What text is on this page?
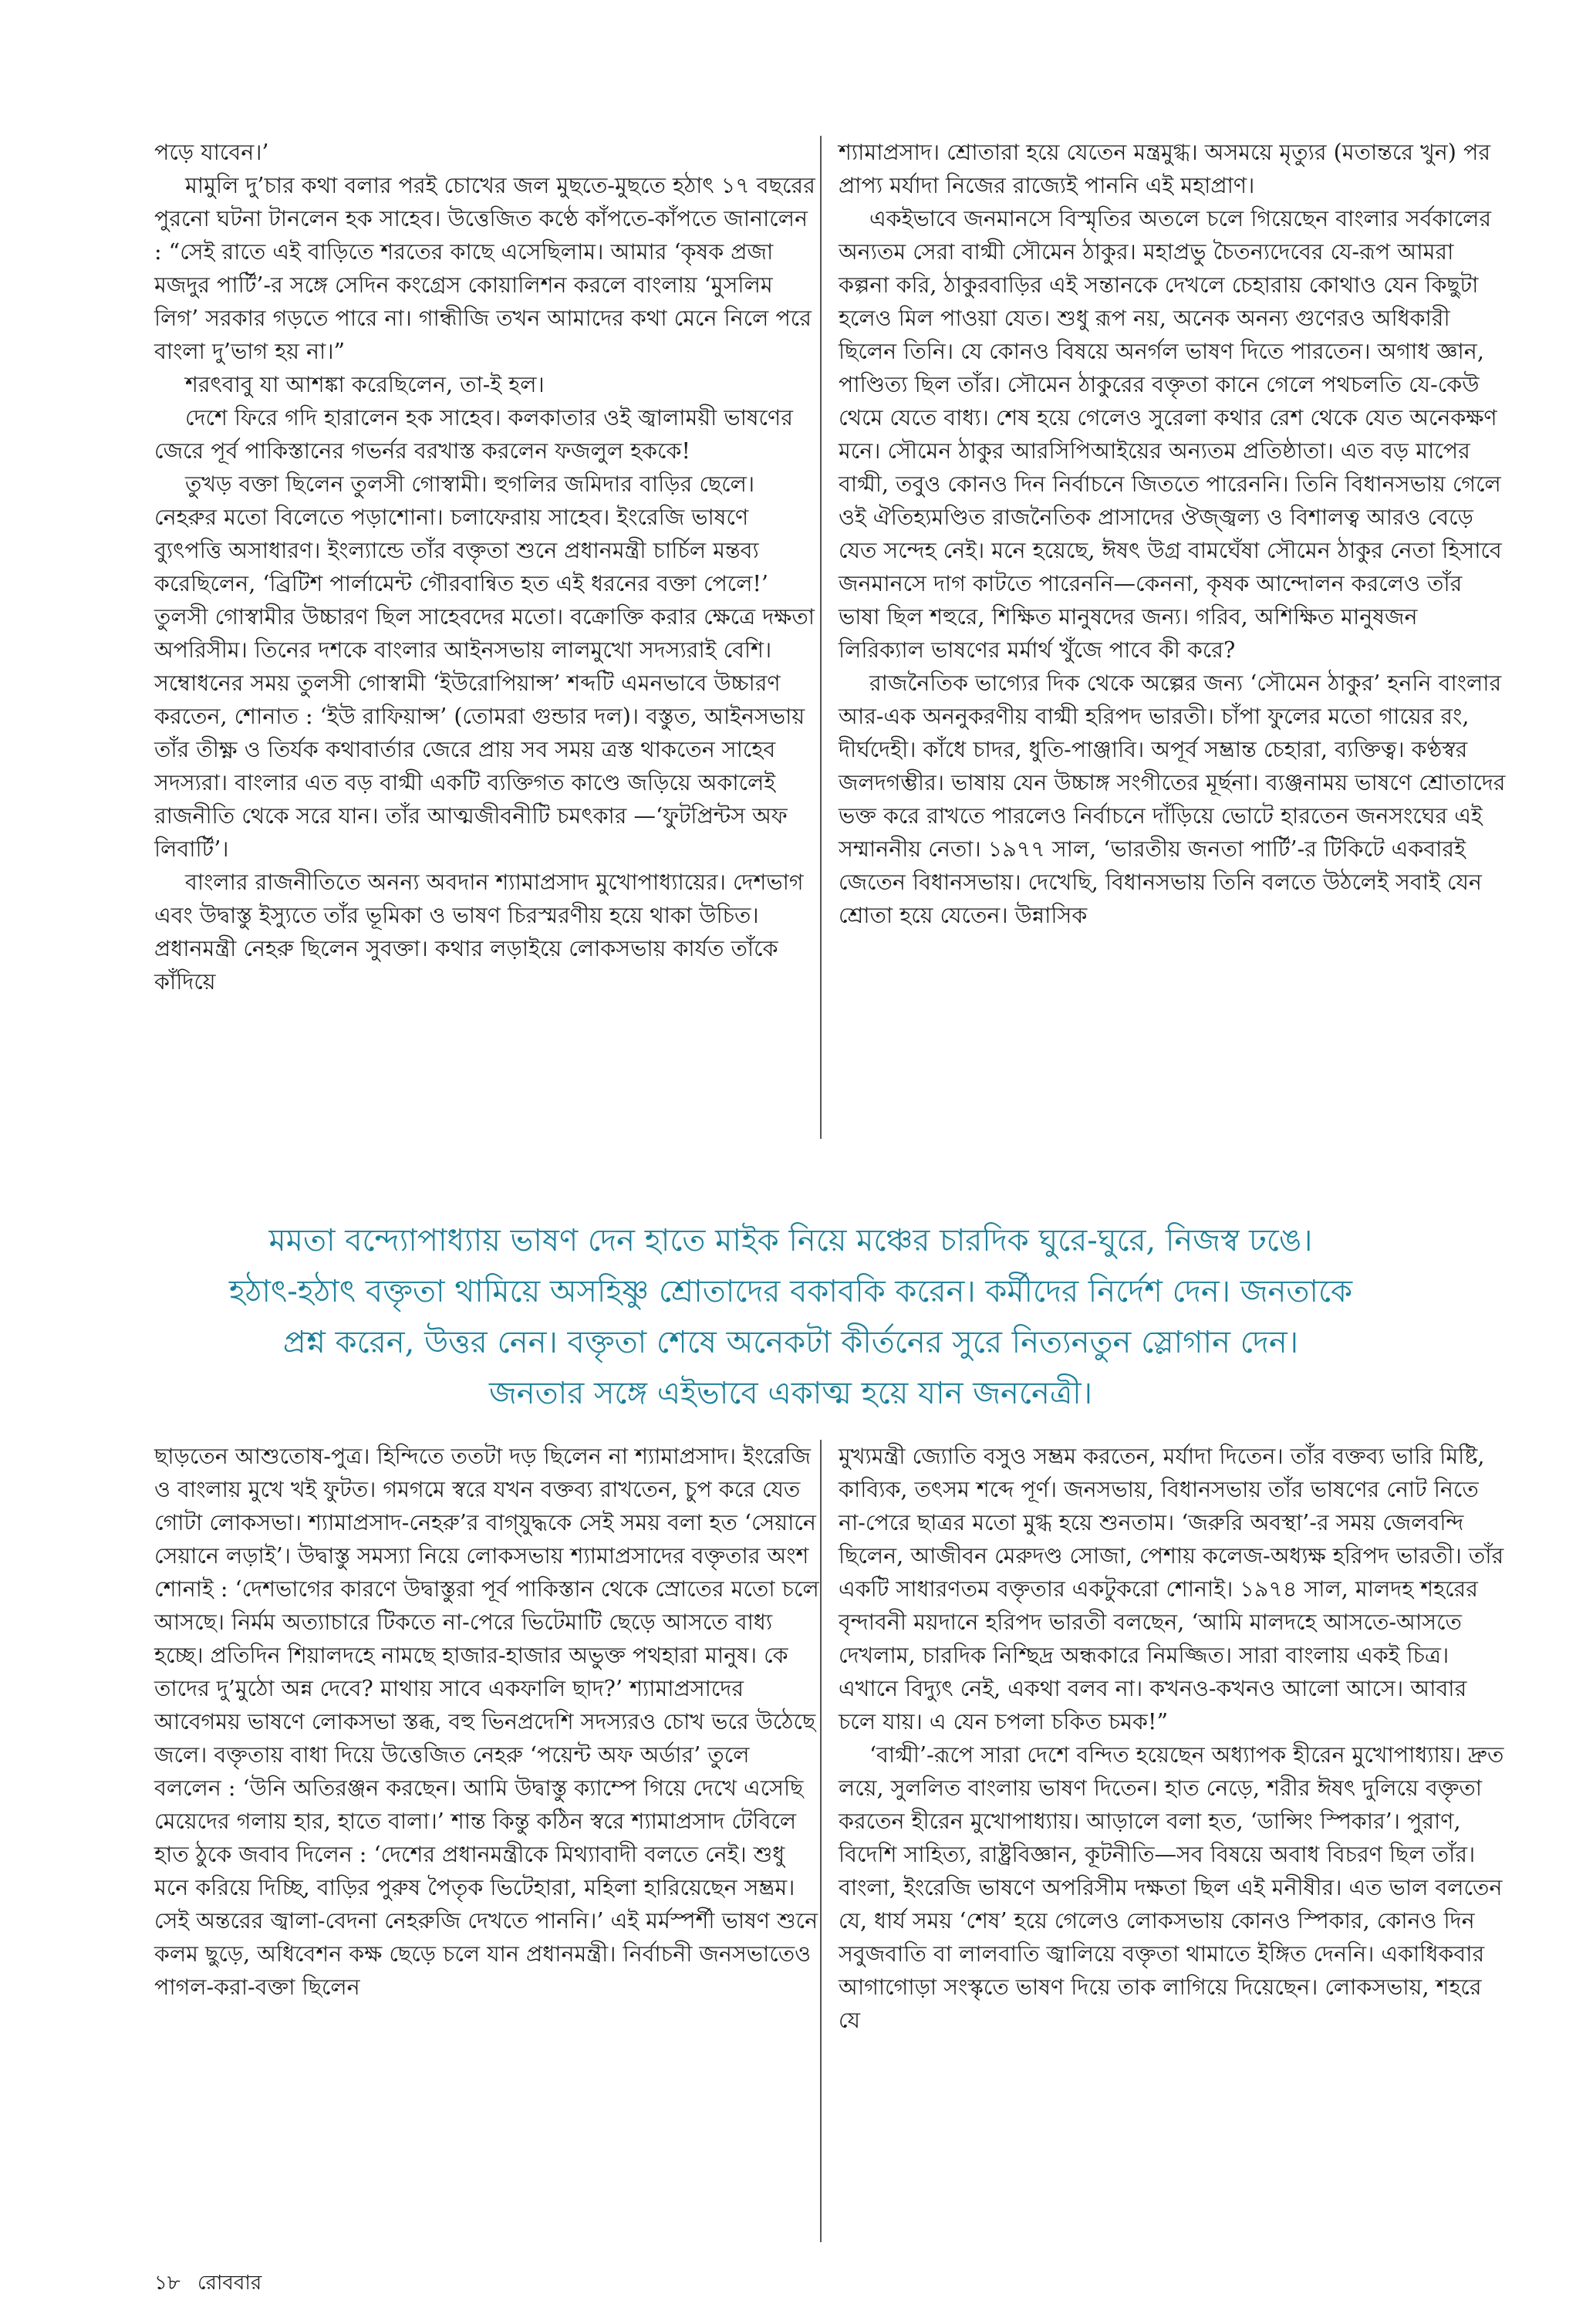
পড়ে যাবেন।’

মামুলি দু’চার কথা বলার পরই চোখের জল মুছতে-মুছতে হঠাৎ ১৭ বছরের পুরনো ঘটনা টানলেন হক সাহেব। উত্তেজিত কণ্ঠে কাঁপতে-কাঁপতে জানালেন : “সেই রাতে এই বাড়িতে শরতের কাছে এসেছিলাম। আমার ‘কৃষক প্রজা মজদুর পার্টি’-র সঙ্গে সেদিন কংগ্রেস কোয়ালিশন করলে বাংলায় ‘মুসলিম লিগ’ সরকার গড়তে পারে না। গান্ধীজি তখন আমাদের কথা মেনে নিলে পরে বাংলা দু’ভাগ হয় না।”

শরৎবাবু যা আশঙ্কা করেছিলেন, তা-ই হল।

দেশে ফিরে গদি হারালেন হক সাহেব। কলকাতার ওই জ্বালাময়ী ভাষণের জেরে পূর্ব পাকিস্তানের গভর্নর বরখাস্ত করলেন ফজলুল হককে!

তুখড় বক্তা ছিলেন তুলসী গোস্বামী। হুগলির জমিদার বাড়ির ছেলে। নেহরুর মতো বিলেতে পড়াশোনা। চলাফেরায় সাহেব। ইংরেজি ভাষণে ব্যুৎপত্তি অসাধারণ। ইংল্যান্ডে তাঁর বক্তৃতা শুনে প্রধানমন্ত্রী চার্চিল মন্তব্য করেছিলেন, ‘ব্রিটিশ পার্লামেন্ট গৌরবান্বিত হত এই ধরনের বক্তা পেলে!’ তুলসী গোস্বামীর উচ্চারণ ছিল সাহেবদের মতো। বক্রোক্তি করার ক্ষেত্রে দক্ষতা অপরিসীম। তিনের দশকে বাংলার আইনসভায় লালমুখো সদস্যরাই বেশি। সম্বোধনের সময় তুলসী গোস্বামী ‘ইউরোপিয়ান্স’ শব্দটি এমনভাবে উচ্চারণ করতেন, শোনাত : ‘ইউ রাফিয়ান্স’ (তোমরা গুন্ডার দল)। বস্তুত, আইনসভায় তাঁর তীক্ষ্ণ ও তির্যক কথাবার্তার জেরে প্রায় সব সময় ত্রস্ত থাকতেন সাহেব সদস্যরা। বাংলার এত বড় বাগ্মী একটি ব্যক্তিগত কাণ্ডে জড়িয়ে অকালেই রাজনীতি থেকে সরে যান। তাঁর আত্মজীবনীটি চমৎকার —‘ফুটপ্রিন্টস অফ লিবার্টি’।

বাংলার রাজনীতিতে অনন্য অবদান শ্যামাপ্রসাদ মুখোপাধ্যায়ের। দেশভাগ এবং উদ্বাস্তু ইস্যুতে তাঁর ভূমিকা ও ভাষণ চিরস্মরণীয় হয়ে থাকা উচিত। প্রধানমন্ত্রী নেহরু ছিলেন সুবক্তা। কথার লড়াইয়ে লোকসভায় কার্যত তাঁকে কাঁদিয়ে

শ্যামাপ্রসাদ। শ্রোতারা হয়ে যেতেন মন্ত্রমুগ্ধ। অসময়ে মৃত্যুর (মতান্তরে খুন) পর প্রাপ্য মর্যাদা নিজের রাজ্যেই পাননি এই মহাপ্রাণ।

একইভাবে জনমানসে বিস্মৃতির অতলে চলে গিয়েছেন বাংলার সর্বকালের অন্যতম সেরা বাগ্মী সৌমেন ঠাকুর। মহাপ্রভু চৈতন্যদেবের যে-রূপ আমরা কল্পনা করি, ঠাকুরবাড়ির এই সন্তানকে দেখলে চেহারায় কোথাও যেন কিছুটা হলেও মিল পাওয়া যেত। শুধু রূপ নয়, অনেক অনন্য গুণেরও অধিকারী ছিলেন তিনি। যে কোনও বিষয়ে অনর্গল ভাষণ দিতে পারতেন। অগাধ জ্ঞান, পাণ্ডিত্য ছিল তাঁর। সৌমেন ঠাকুরের বক্তৃতা কানে গেলে পথচলতি যে-কেউ থেমে যেতে বাধ্য। শেষ হয়ে গেলেও সুরেলা কথার রেশ থেকে যেত অনেকক্ষণ মনে। সৌমেন ঠাকুর আরসিপিআইয়ের অন্যতম প্রতিষ্ঠাতা। এত বড় মাপের বাগ্মী, তবুও কোনও দিন নির্বাচনে জিততে পারেননি। তিনি বিধানসভায় গেলে ওই ঐতিহ্যমণ্ডিত রাজনৈতিক প্রাসাদের ঔজ্জ্বল্য ও বিশালত্ব আরও বেড়ে যেত সন্দেহ নেই। মনে হয়েছে, ঈষৎ উগ্র বামঘেঁষা সৌমেন ঠাকুর নেতা হিসাবে জনমানসে দাগ কাটতে পারেননি—কেননা, কৃষক আন্দোলন করলেও তাঁর ভাষা ছিল শহুরে, শিক্ষিত মানুষদের জন্য। গরিব, অশিক্ষিত মানুষজন লিরিক্যাল ভাষণের মর্মার্থ খুঁজে পাবে কী করে?

রাজনৈতিক ভাগ্যের দিক থেকে অল্পের জন্য ‘সৌমেন ঠাকুর’ হননি বাংলার আর-এক অননুকরণীয় বাগ্মী হরিপদ ভারতী। চাঁপা ফুলের মতো গায়ের রং, দীর্ঘদেহী। কাঁধে চাদর, ধুতি-পাঞ্জাবি। অপূর্ব সম্ভ্রান্ত চেহারা, ব্যক্তিত্ব। কণ্ঠস্বর জলদগম্ভীর। ভাষায় যেন উচ্চাঙ্গ সংগীতের মূর্ছনা। ব্যঞ্জনাময় ভাষণে শ্রোতাদের ভক্ত করে রাখতে পারলেও নির্বাচনে দাঁড়িয়ে ভোটে হারতেন জনসংঘের এই সম্মাননীয় নেতা। ১৯৭৭ সাল, ‘ভারতীয় জনতা পার্টি’-র টিকিটে একবারই জেতেন বিধানসভায়। দেখেছি, বিধানসভায় তিনি বলতে উঠলেই সবাই যেন শ্রোতা হয়ে যেতেন। উন্নাসিক

মমতা বন্দ্যোপাধ্যায় ভাষণ দেন হাতে মাইক নিয়ে মঞ্চের চারদিক ঘুরে-ঘুরে, নিজস্ব ঢঙে।
হঠাৎ-হঠাৎ বক্তৃতা থামিয়ে অসহিষ্ণু শ্রোতাদের বকাবকি করেন। কর্মীদের নির্দেশ দেন। জনতাকে
প্রশ্ন করেন, উত্তর নেন। বক্তৃতা শেষে অনেকটা কীর্তনের সুরে নিত্যনতুন স্লোগান দেন।
জনতার সঙ্গে এইভাবে একাত্ম হয়ে যান জননেত্রী।

ছাড়তেন আশুতোষ-পুত্র। হিন্দিতে ততটা দড় ছিলেন না শ্যামাপ্রসাদ। ইংরেজি ও বাংলায় মুখে খই ফুটত। গমগমে স্বরে যখন বক্তব্য রাখতেন, চুপ করে যেত গোটা লোকসভা। শ্যামাপ্রসাদ-নেহরু’র বাগ্‌যুদ্ধকে সেই সময় বলা হত ‘সেয়ানে সেয়ানে লড়াই’। উদ্বাস্তু সমস্যা নিয়ে লোকসভায় শ্যামাপ্রসাদের বক্তৃতার অংশ শোনাই : ‘দেশভাগের কারণে উদ্বাস্তুরা পূর্ব পাকিস্তান থেকে স্রোতের মতো চলে আসছে। নির্মম অত্যাচারে টিকতে না-পেরে ভিটেমাটি ছেড়ে আসতে বাধ্য হচ্ছে। প্রতিদিন শিয়ালদহে নামছে হাজার-হাজার অভুক্ত পথহারা মানুষ। কে তাদের দু’মুঠো অন্ন দেবে? মাথায় সাবে একফালি ছাদ?’ শ্যামাপ্রসাদের আবেগময় ভাষণে লোকসভা স্তব্ধ, বহু ভিনপ্রদেশি সদস্যরও চোখ ভরে উঠেছে জলে। বক্তৃতায় বাধা দিয়ে উত্তেজিত নেহরু ‘পয়েন্ট অফ অর্ডার’ তুলে বললেন : ‘উনি অতিরঞ্জন করছেন। আমি উদ্বাস্তু ক্যাম্পে গিয়ে দেখে এসেছি মেয়েদের গলায় হার, হাতে বালা।’ শান্ত কিন্তু কঠিন স্বরে শ্যামাপ্রসাদ টেবিলে হাত ঠুকে জবাব দিলেন : ‘দেশের প্রধানমন্ত্রীকে মিথ্যাবাদী বলতে নেই। শুধু মনে করিয়ে দিচ্ছি, বাড়ির পুরুষ পৈতৃক ভিটেহারা, মহিলা হারিয়েছেন সম্ভ্রম। সেই অন্তরের জ্বালা-বেদনা নেহরুজি দেখতে পাননি।’ এই মর্মস্পর্শী ভাষণ শুনে কলম ছুড়ে, অধিবেশন কক্ষ ছেড়ে চলে যান প্রধানমন্ত্রী। নির্বাচনী জনসভাতেও পাগল-করা-বক্তা ছিলেন

মুখ্যমন্ত্রী জ্যোতি বসুও সম্ভ্রম করতেন, মর্যাদা দিতেন। তাঁর বক্তব্য ভারি মিষ্টি, কাব্যিক, তৎসম শব্দে পূর্ণ। জনসভায়, বিধানসভায় তাঁর ভাষণের নোট নিতে না-পেরে ছাত্রর মতো মুগ্ধ হয়ে শুনতাম। ‘জরুরি অবস্থা’-র সময় জেলবন্দি ছিলেন, আজীবন মেরুদণ্ড সোজা, পেশায় কলেজ-অধ্যক্ষ হরিপদ ভারতী। তাঁর একটি সাধারণতম বক্তৃতার একটুকরো শোনাই। ১৯৭৪ সাল, মালদহ শহরের বৃন্দাবনী ময়দানে হরিপদ ভারতী বলছেন, ‘আমি মালদহে আসতে-আসতে দেখলাম, চারদিক নিশ্ছিদ্র অন্ধকারে নিমজ্জিত। সারা বাংলায় একই চিত্র। এখানে বিদ্যুৎ নেই, একথা বলব না। কখনও-কখনও আলো আসে। আবার চলে যায়। এ যেন চপলা চকিত চমক!”

‘বাগ্মী’-রূপে সারা দেশে বন্দিত হয়েছেন অধ্যাপক হীরেন মুখোপাধ্যায়। দ্রুত লয়ে, সুললিত বাংলায় ভাষণ দিতেন। হাত নেড়ে, শরীর ঈষৎ দুলিয়ে বক্তৃতা করতেন হীরেন মুখোপাধ্যায়। আড়ালে বলা হত, ‘ডান্সিং স্পিকার’। পুরাণ, বিদেশি সাহিত্য, রাষ্ট্রবিজ্ঞান, কূটনীতি—সব বিষয়ে অবাধ বিচরণ ছিল তাঁর। বাংলা, ইংরেজি ভাষণে অপরিসীম দক্ষতা ছিল এই মনীষীর। এত ভাল বলতেন যে, ধার্য সময় ‘শেষ’ হয়ে গেলেও লোকসভায় কোনও স্পিকার, কোনও দিন সবুজবাতি বা লালবাতি জ্বালিয়ে বক্তৃতা থামাতে ইঙ্গিত দেননি। একাধিকবার আগাগোড়া সংস্কৃতে ভাষণ দিয়ে তাক লাগিয়ে দিয়েছেন। লোকসভায়, শহরে যে

১৮ রোববার
